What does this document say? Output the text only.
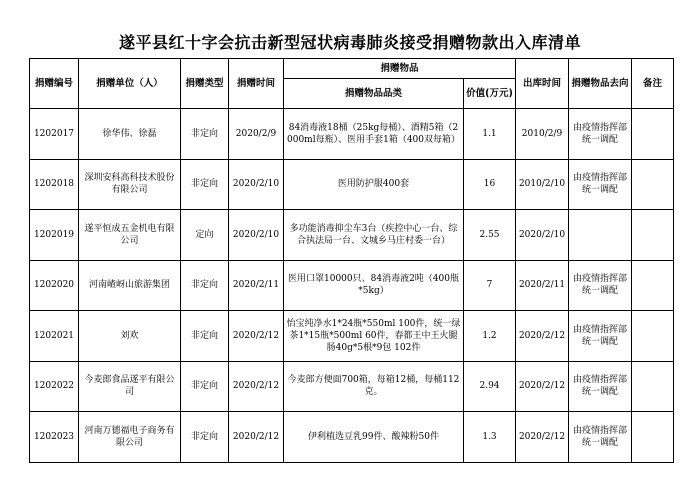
遂平县红十字会抗击新型冠状病毒肺炎接受捐赠物款出入库清单
捐赠编号	捐赠单位（人）	捐赠类型	捐赠时间	捐赠物品		出库时间	捐赠物品去向	备注
				捐赠物品品类	价值(万元)			
1202017	徐华伟、徐磊	非定向	2020/2/9	84消毒液18桶（25kg每桶）、酒精5箱（2000ml每瓶）、医用手套1箱（400双每箱）	1.1	2010/2/9	由疫情指挥部统一调配	
1202018	深圳安科高科技术股份有限公司	非定向	2020/2/10	医用防护服400套	16	2010/2/10	由疫情指挥部统一调配	
1202019	遂平恒成五金机电有限公司	定向	2020/2/10	多功能消毒抑尘车3台（疾控中心一台、综合执法局一台、文城乡马庄村委一台）	2.55	2020/2/10		
1202020	河南嵖岈山旅游集团	非定向	2020/2/11	医用口罩10000只、84消毒液2吨（400瓶*5kg）	7	2020/2/11	由疫情指挥部统一调配	
1202021	刘欢	非定向	2020/2/12	怡宝纯净水1*24瓶*550ml 100件，统一绿茶1*15瓶*500ml 60件，春都王中王火腿肠40g*5根*9包 102件	1.2	2020/2/12	由疫情指挥部统一调配	
1202022	今麦郎食品遂平有限公司	非定向	2020/2/12	今麦郎方便面700箱，每箱12桶，每桶112克。	2.94	2020/2/12	由疫情指挥部统一调配	
1202023	河南万德福电子商务有限公司	非定向	2020/2/12	伊利植选豆乳99件、酸辣粉50件	1.3	2020/2/12	由疫情指挥部统一调配	
